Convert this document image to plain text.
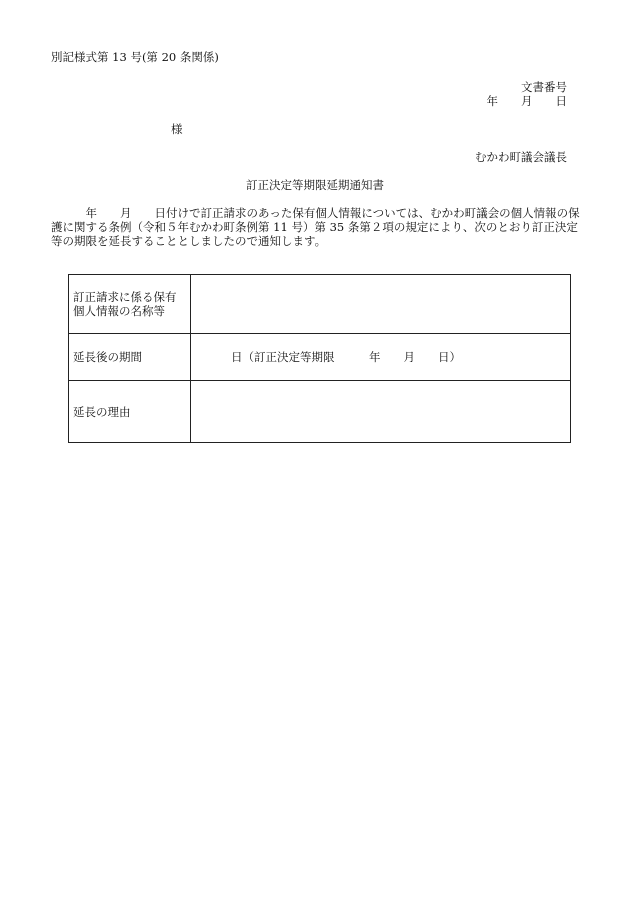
別記様式第 13 号(第 20 条関係)
文書番号
年　　月　　日
様
むかわ町議会議長
訂正決定等期限延期通知書
　　　年　　月　　日付けで訂正請求のあった保有個人情報については、むかわ町議会の個人情報の保護に関する条例（令和５年むかわ町条例第 11 号）第 35 条第２項の規定により、次のとおり訂正決定等の期限を延長することとしましたので通知します。
訂正請求に係る保有個人情報の名称等	
延長後の期間	日（訂正決定等期限　　　年　　月　　日）
延長の理由	
